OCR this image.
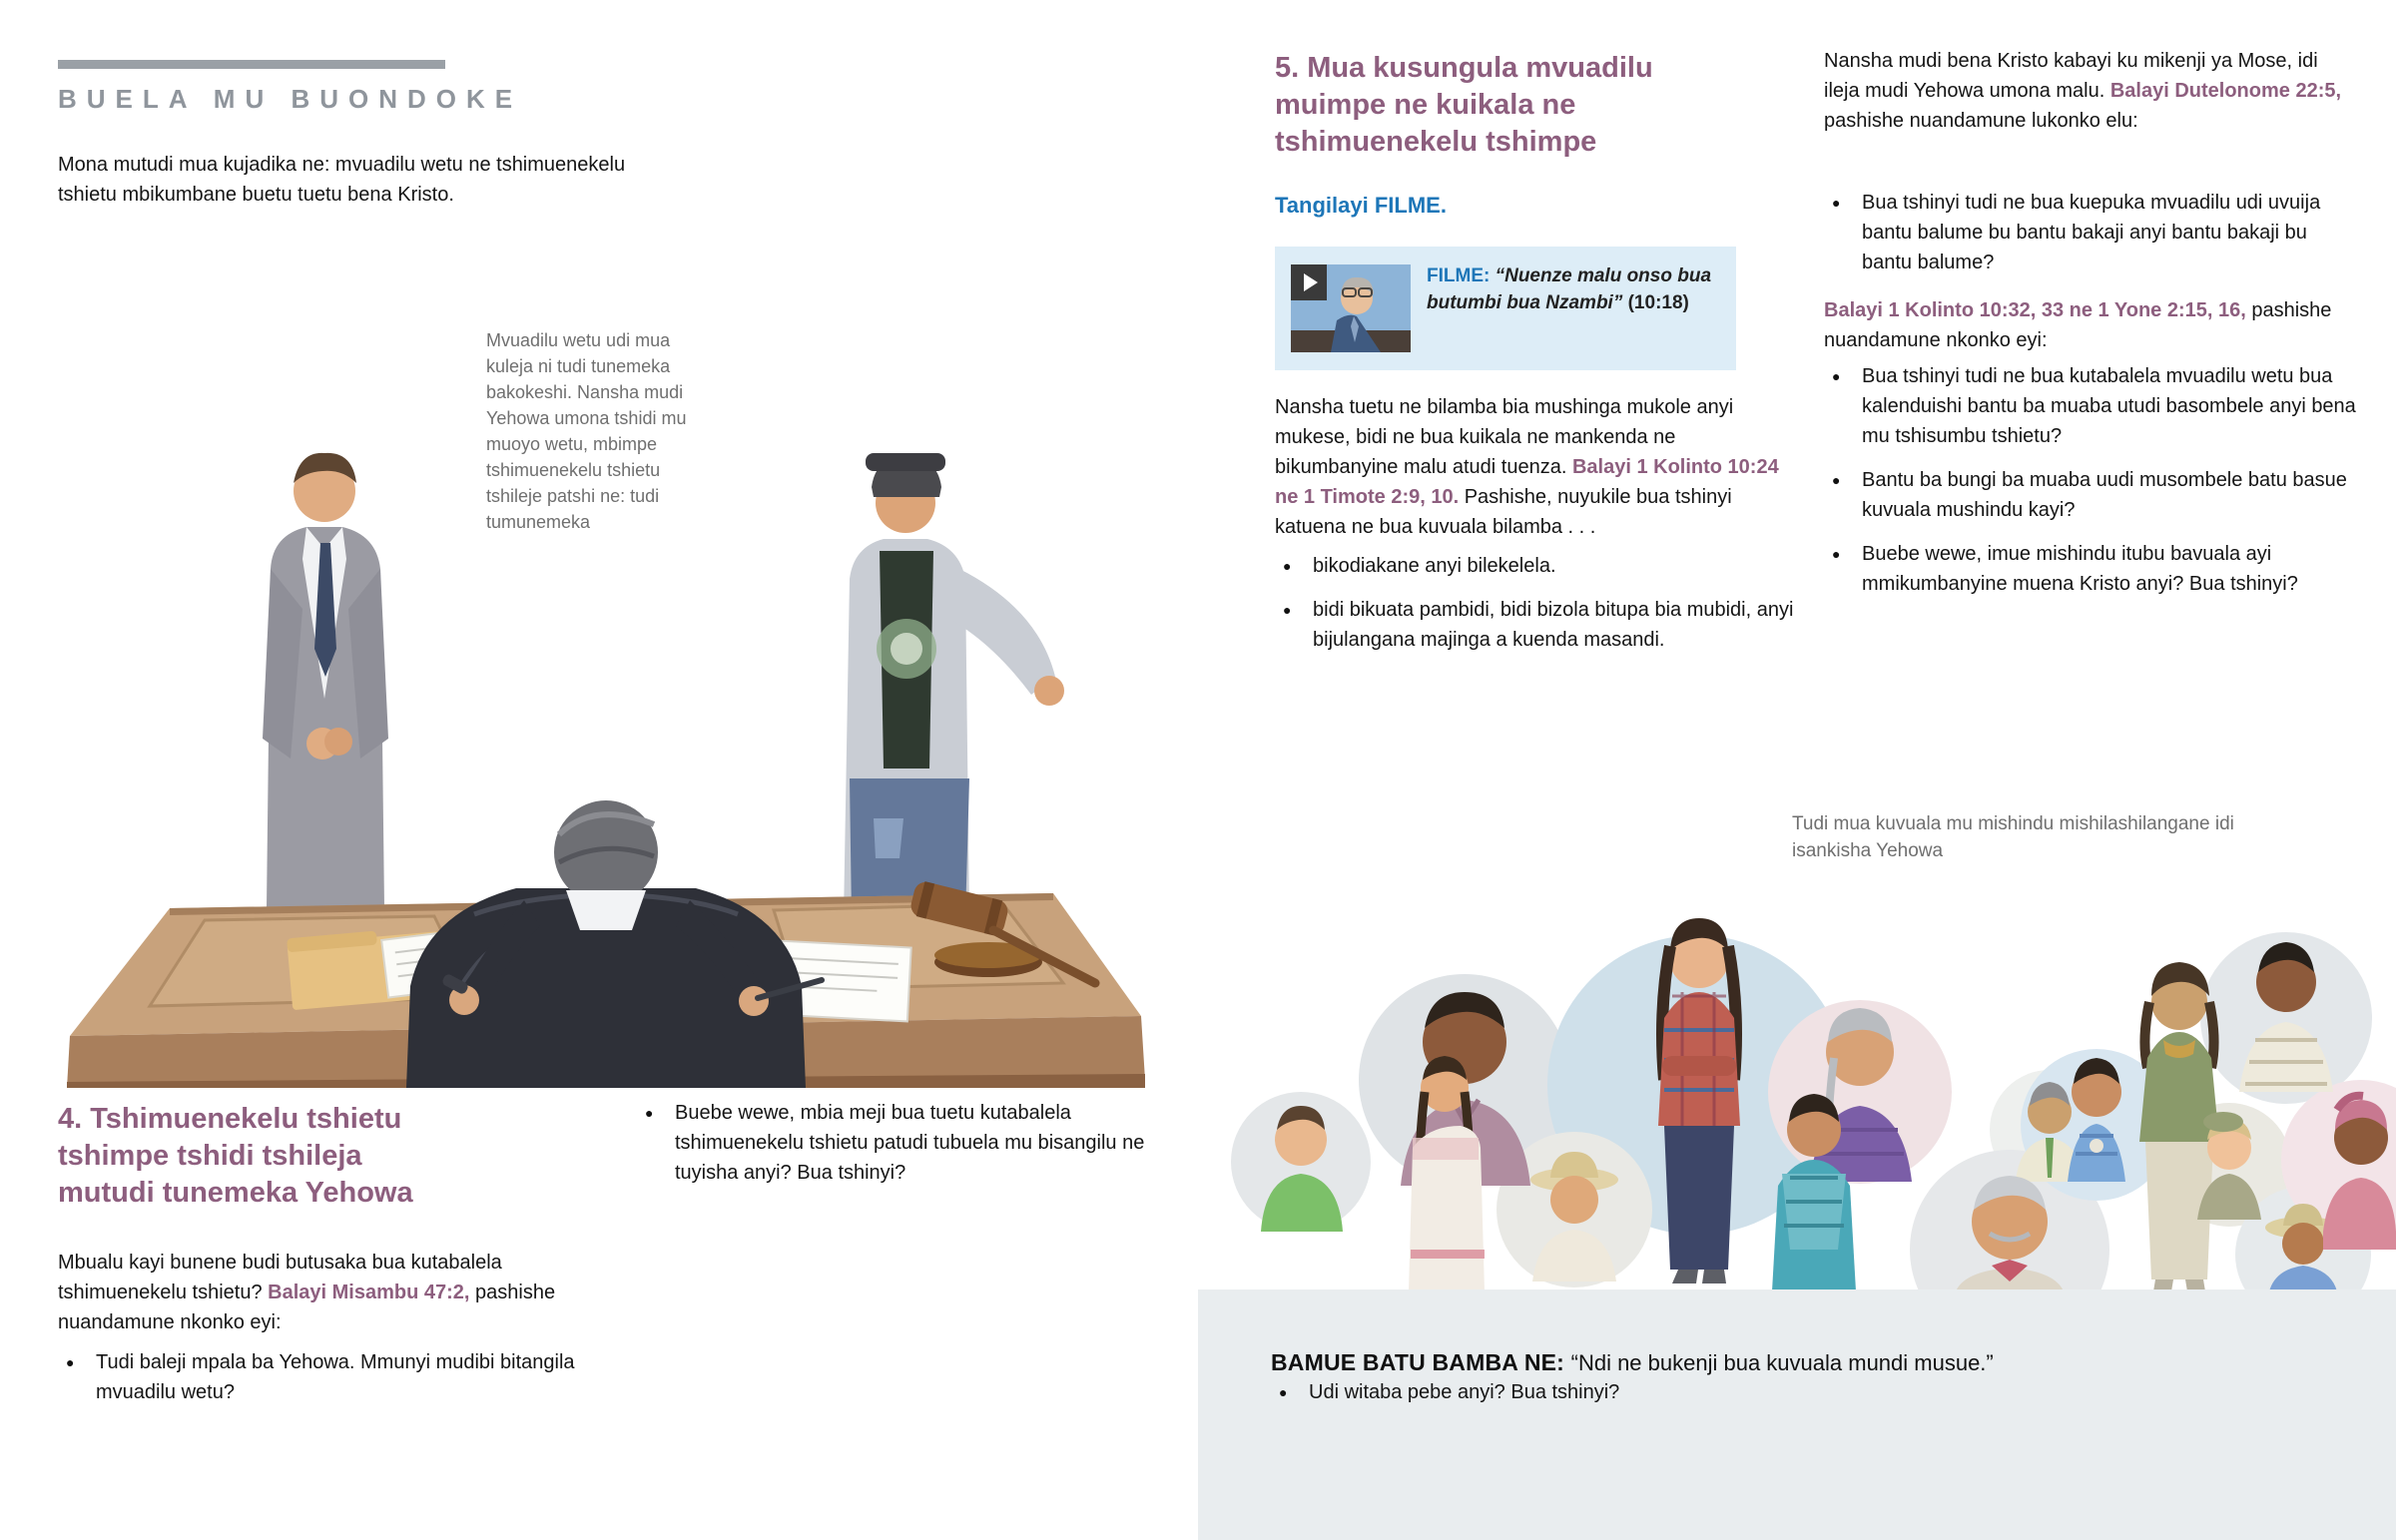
BUELA MU BUONDOKE

Mona mutudi mua kujadika ne: mvuadilu wetu ne tshimuenekelu tshietu mbikumbane buetu tuetu bena Kristo.

Mvuadilu wetu udi mua kuleja ni tudi tunemeka bakokeshi. Nansha mudi Yehowa umona tshidi mu muoyo wetu, mbimpe tshimuenekelu tshietu tshileje patshi ne: tudi tumunemeka

4. Tshimuenekelu tshietu tshimpe tshidi tshileja mutudi tunemeka Yehowa

Mbualu kayi bunene budi butusaka bua kutabalela tshimuenekelu tshietu? Balayi Misambu 47:2, pashishe nuandamune nkonko eyi:

● Tudi baleji mpala ba Yehowa. Mmunyi mudibi bitangila mvuadilu wetu?
● Buebe wewe, mbia meji bua tuetu kutabalela tshimuenekelu tshietu patudi tubuela mu bisangilu ne tuyisha anyi? Bua tshinyi?
5. Mua kusungula mvuadilu muimpe ne kuikala ne tshimuenekelu tshimpe
Tangilayi FILME.
FILME: “Nuenze malu onso bua butumbi bua Nzambi” (10:18)

Nansha tuetu ne bilamba bia mushinga mukole anyi mukese, bidi ne bua kuikala ne mankenda ne bikumbanyine malu atudi tuenza. Balayi 1 Kolinto 10:24 ne 1 Timote 2:9, 10. Pashishe, nuyukile bua tshinyi katuena ne bua kuvuala bilamba . . .

● bikodiakane anyi bilekelela.
● bidi bikuata pambidi, bidi bizola bitupa bia mubidi, anyi bijulangana majinga a kuenda masandi.

Nansha mudi bena Kristo kabayi ku mikenji ya Mose, idi ileja mudi Yehowa umona malu. Balayi Dutelonome 22:5, pashishe nuandamune lukonko elu:

● Bua tshinyi tudi ne bua kuepuka mvuadilu udi uvuija bantu balume bu bantu bakaji anyi bantu bakaji bu bantu balume?

Balayi 1 Kolinto 10:32, 33 ne 1 Yone 2:15, 16, pashishe nuandamune nkonko eyi:

● Bua tshinyi tudi ne bua kutabalela mvuadilu wetu bua kalenduishi bantu ba muaba utudi basombele anyi bena mu tshisumbu tshietu?
● Bantu ba bungi ba muaba uudi musombele batu basue kuvuala mushindu kayi?
● Buebe wewe, imue mishindu itubu bavuala ayi mmikumbanyine muena Kristo anyi? Bua tshinyi?

Tudi mua kuvuala mu mishindu mishilashilangane idi isankisha Yehowa

BAMUE BATU BAMBA NE: “Ndi ne bukenji bua kuvuala mundi musue.”

● Udi witaba pebe anyi? Bua tshinyi?
